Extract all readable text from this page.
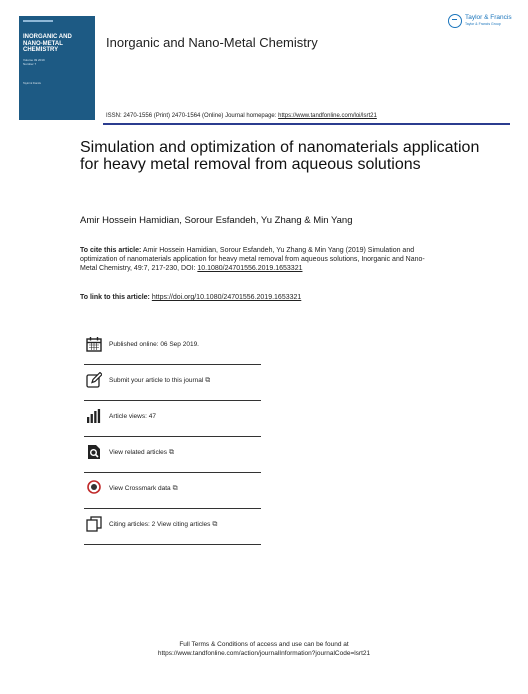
INORGANIC AND
NANO-METAL CHEMISTRY
Volume 49 2019
Number 7
Taylor & Francis
Inorganic and Nano-Metal Chemistry
Taylor & Francis
Taylor & Francis Group
ISSN: 2470-1556 (Print) 2470-1564 (Online) Journal homepage: https://www.tandfonline.com/loi/lsrt21
Simulation and optimization of nanomaterials application for heavy metal removal from aqueous solutions
Amir Hossein Hamidian, Sorour Esfandeh, Yu Zhang & Min Yang
To cite this article: Amir Hossein Hamidian, Sorour Esfandeh, Yu Zhang & Min Yang (2019) Simulation and optimization of nanomaterials application for heavy metal removal from aqueous solutions, Inorganic and Nano-Metal Chemistry, 49:7, 217-230, DOI: 10.1080/24701556.2019.1653321
To link to this article: https://doi.org/10.1080/24701556.2019.1653321
Published online: 06 Sep 2019.
Submit your article to this journal ⧉
Article views: 47
View related articles ⧉
View Crossmark data ⧉
Citing articles: 2 View citing articles ⧉
Full Terms & Conditions of access and use can be found at
https://www.tandfonline.com/action/journalInformation?journalCode=lsrt21
